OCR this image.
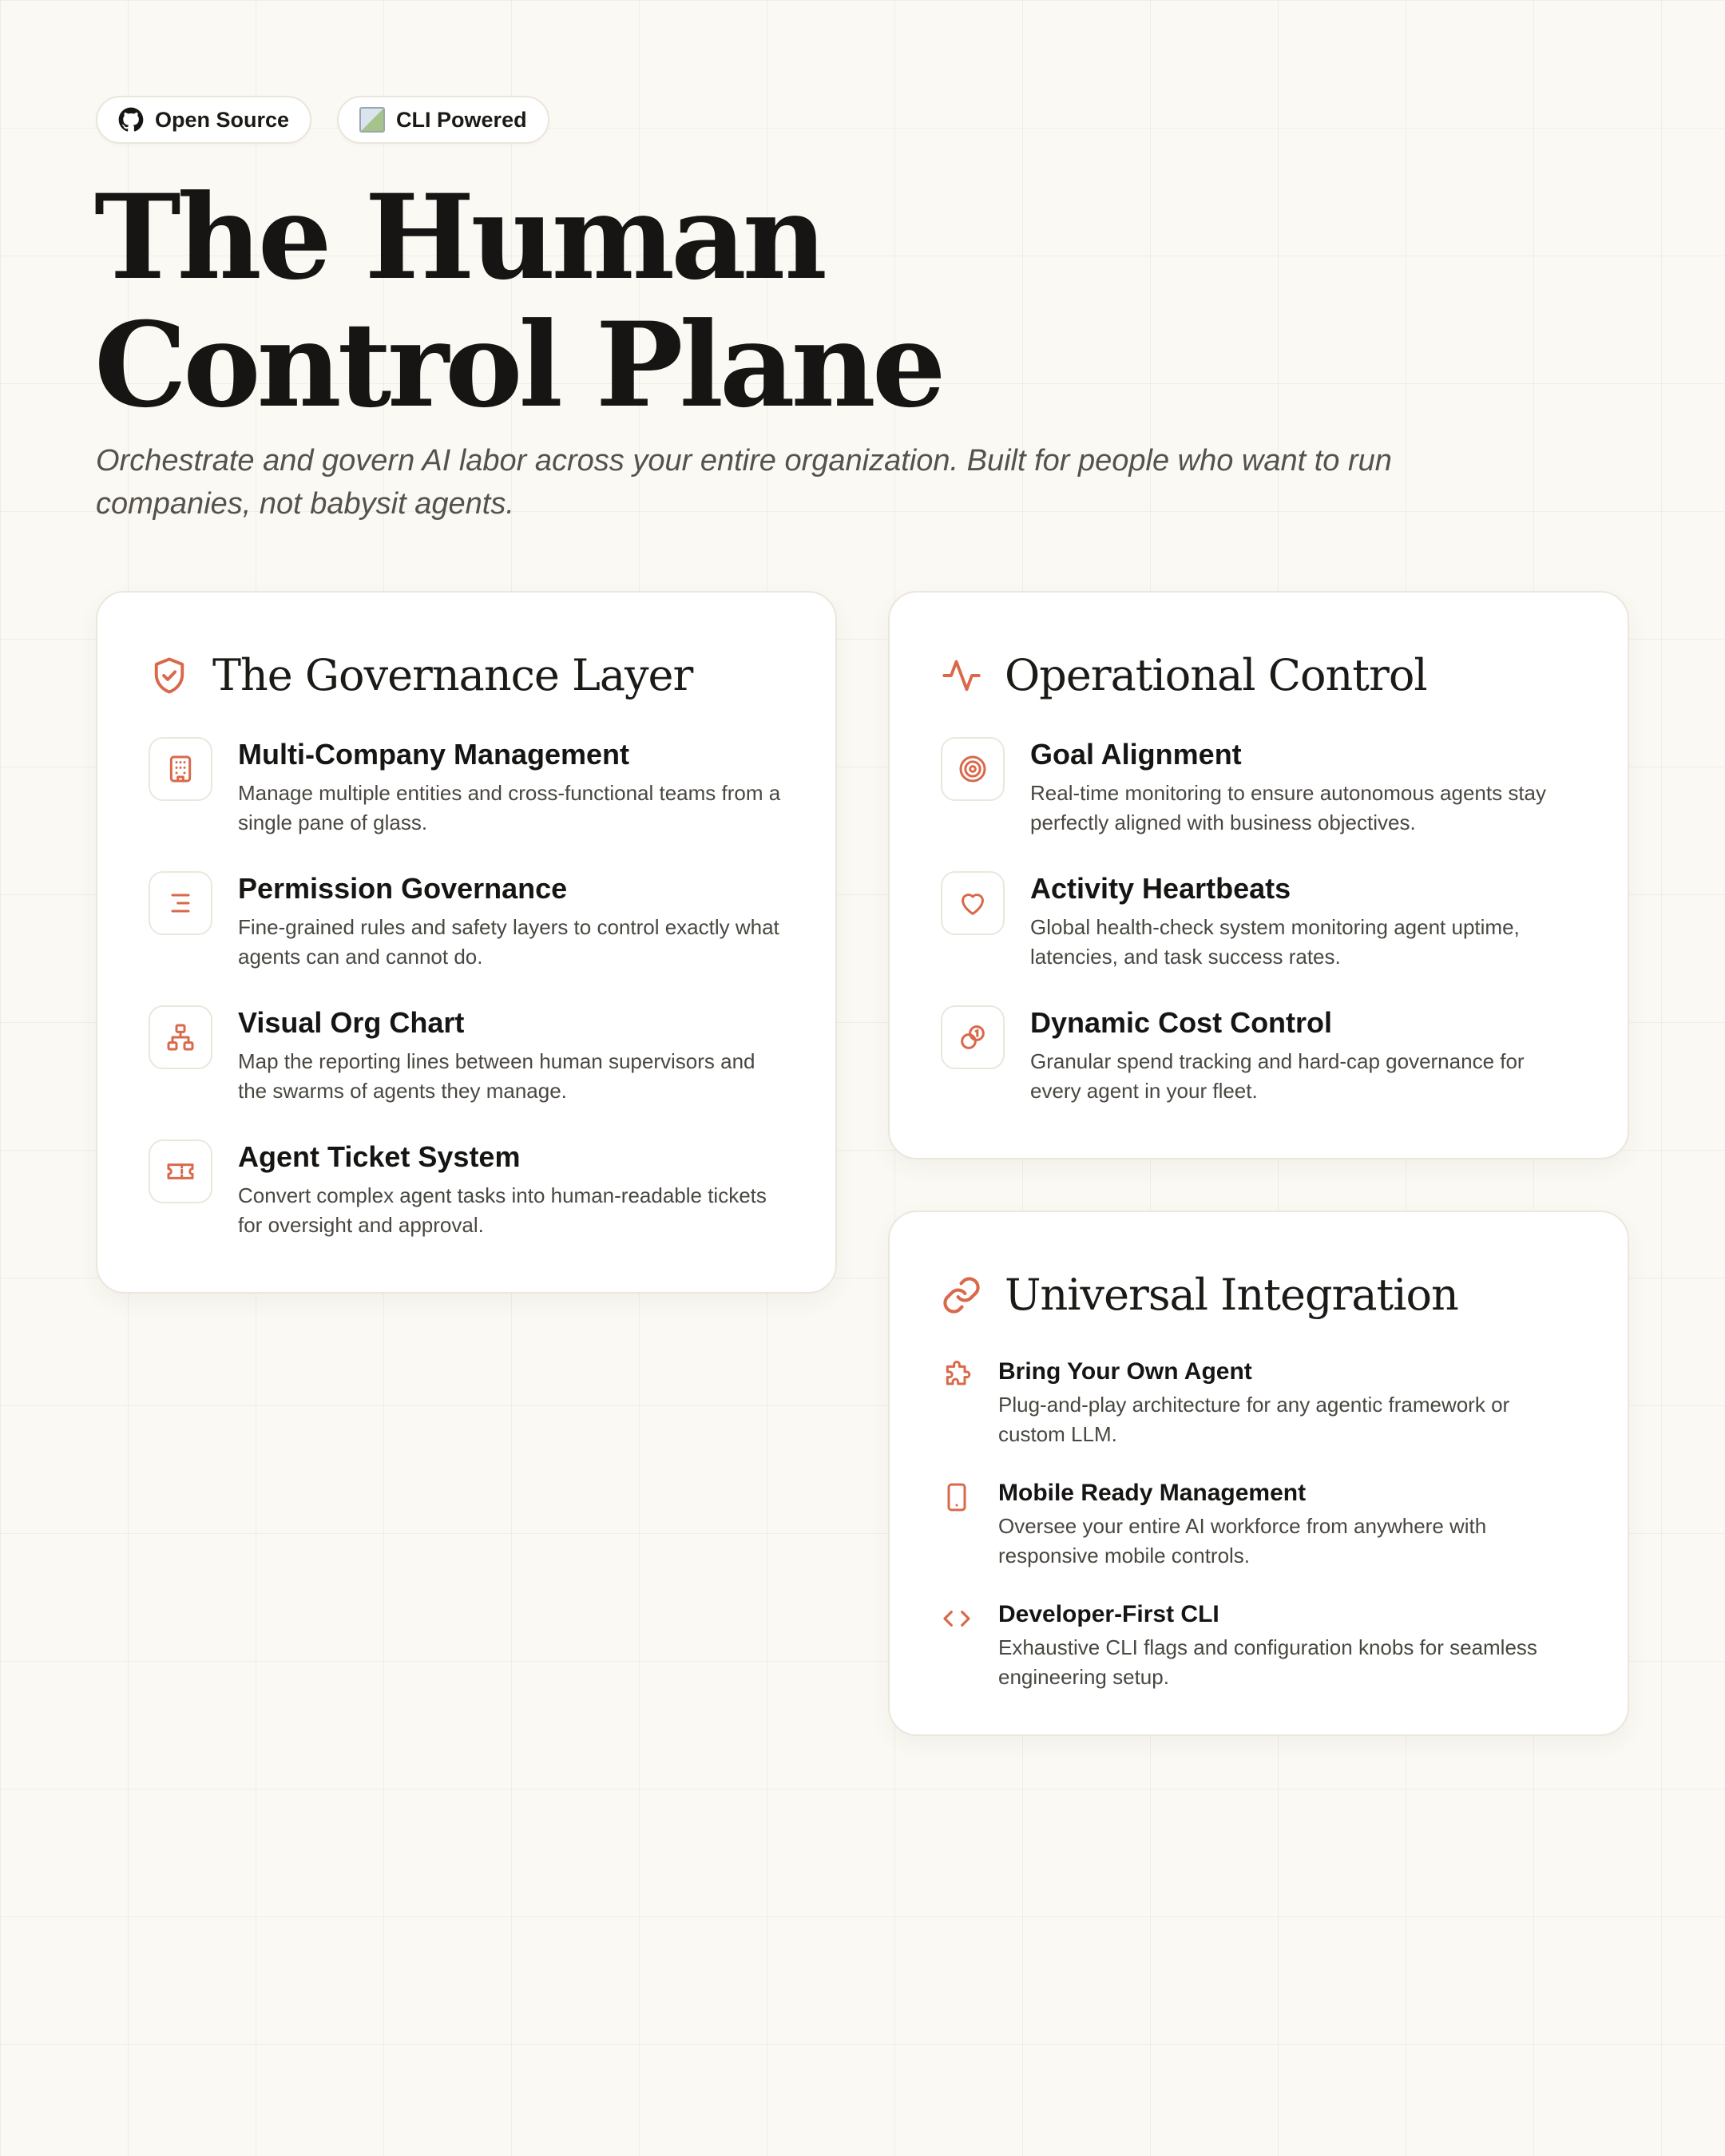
Open Source	CLI Powered
The Human
Control Plane

Orchestrate and govern AI labor across your entire organization. Built for people who want to run companies, not babysit agents.

The Governance Layer
Multi-Company Management
Manage multiple entities and cross-functional teams from a single pane of glass.
Permission Governance
Fine-grained rules and safety layers to control exactly what agents can and cannot do.
Visual Org Chart
Map the reporting lines between human supervisors and the swarms of agents they manage.
Agent Ticket System
Convert complex agent tasks into human-readable tickets for oversight and approval.
Operational Control
Goal Alignment
Real-time monitoring to ensure autonomous agents stay perfectly aligned with business objectives.
Activity Heartbeats
Global health-check system monitoring agent uptime, latencies, and task success rates.
Dynamic Cost Control
Granular spend tracking and hard-cap governance for every agent in your fleet.
Universal Integration
Bring Your Own Agent
Plug-and-play architecture for any agentic framework or custom LLM.
Mobile Ready Management
Oversee your entire AI workforce from anywhere with responsive mobile controls.
Developer-First CLI
Exhaustive CLI flags and configuration knobs for seamless engineering setup.
